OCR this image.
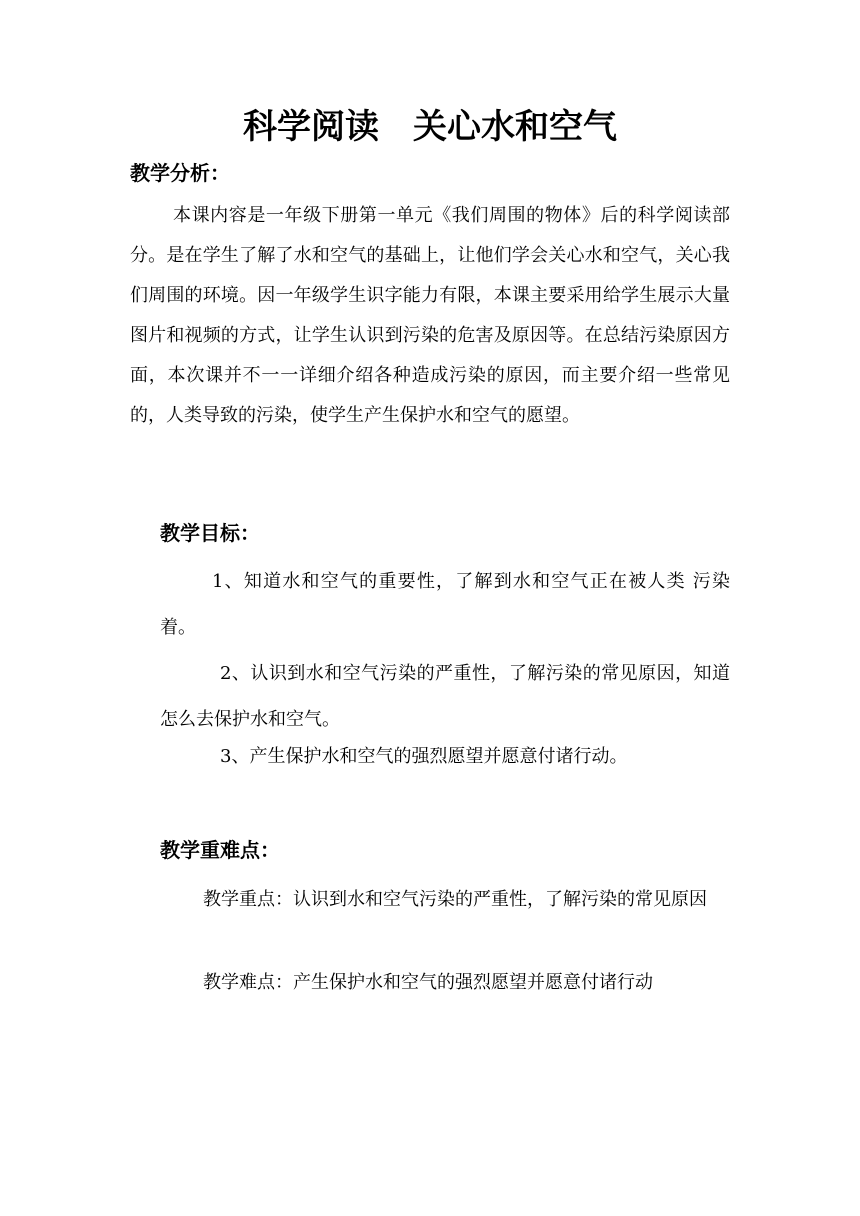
科学阅读　关心水和空气
教学分析：

本课内容是一年级下册第一单元《我们周围的物体》后的科学阅读部分。是在学生了解了水和空气的基础上，让他们学会关心水和空气，关心我们周围的环境。因一年级学生识字能力有限，本课主要采用给学生展示大量图片和视频的方式，让学生认识到污染的危害及原因等。在总结污染原因方面，本次课并不一一详细介绍各种造成污染的原因，而主要介绍一些常见的，人类导致的污染，使学生产生保护水和空气的愿望。

教学目标：

1、知道水和空气的重要性，了解到水和空气正在被人类 污染着。

2、认识到水和空气污染的严重性，了解污染的常见原因，知道怎么去保护水和空气。

3、产生保护水和空气的强烈愿望并愿意付诸行动。

教学重难点：

教学重点：认识到水和空气污染的严重性，了解污染的常见原因

教学难点：产生保护水和空气的强烈愿望并愿意付诸行动
